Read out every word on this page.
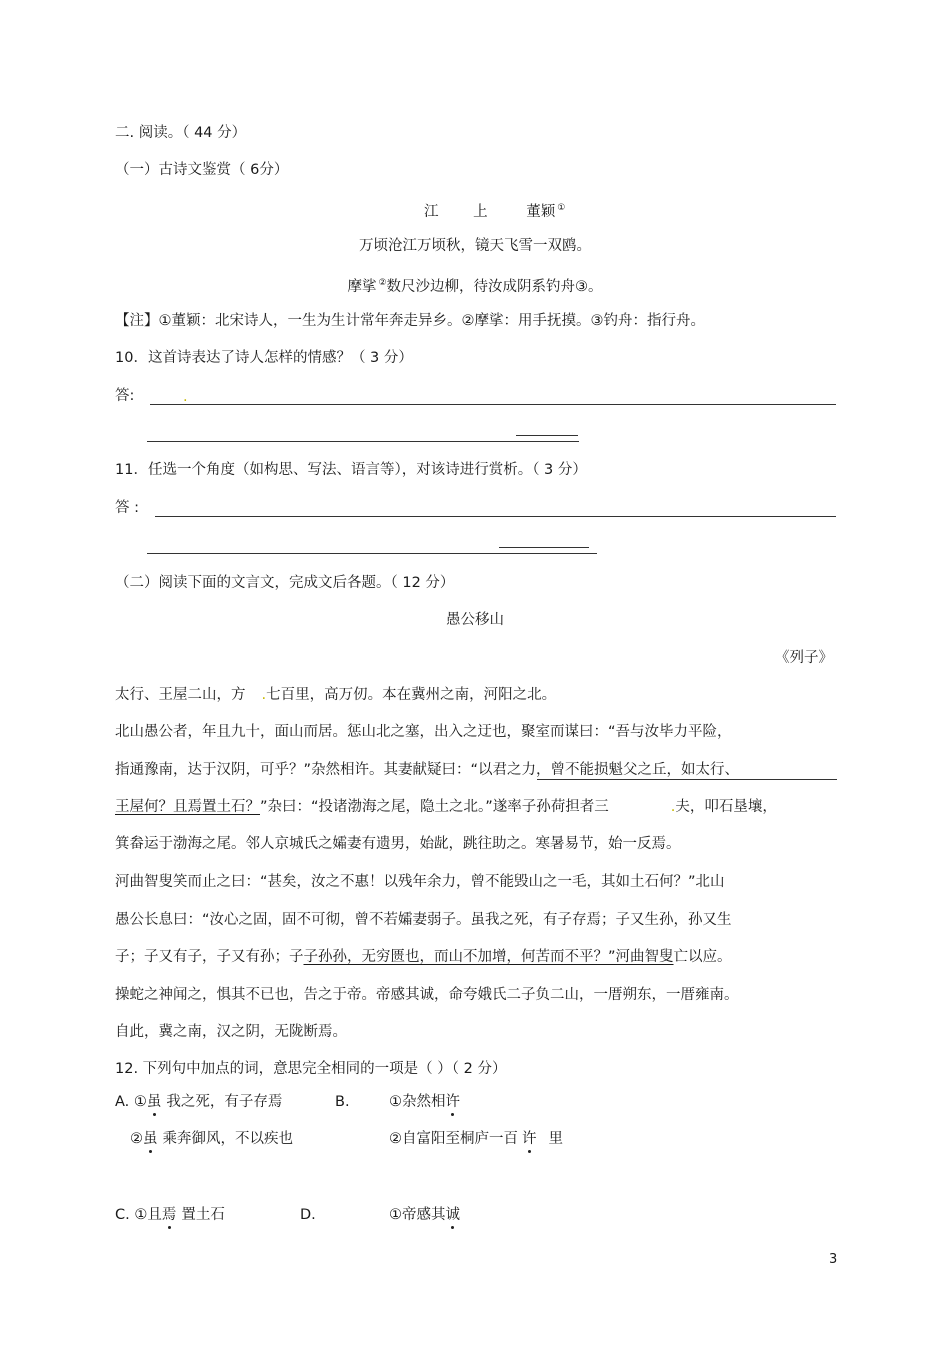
二. 阅读。（ 44 分）
（一）古诗文鉴赏（ 6分）
江 上	董颖 ①
万顷沧江万顷秋，镜天飞雪一双鸥。
摩挲 ②数尺沙边柳，待汝成阴系钓舟③。
【注】①董颖：北宋诗人，一生为生计常年奔走异乡。②摩挲：用手抚摸。③钓舟：指行舟。
10．这首诗表达了诗人怎样的情感？（ 3 分）
答:	.
11．任选一个角度（如构思、写法、语言等），对该诗进行赏析。（ 3 分）
答 :
（二）阅读下面的文言文，完成文后各题。（ 12 分）
愚公移山
《列子》
太行、王屋二山，方 .七百里，高万仞。本在冀州之南，河阳之北。
北山愚公者，年且九十，面山而居。惩山北之塞，出入之迂也，聚室而谋曰：“吾与汝毕力平险，
指通豫南，达于汉阴，可乎？”杂然相许。其妻献疑曰：“以君之力，曾不能损魁父之丘，如太行、
王屋何？且焉置土石？”杂曰：“投诸渤海之尾，隐土之北。”遂率子孙荷担者三	.夫，叩石垦壤，
箕畚运于渤海之尾。邻人京城氏之孀妻有遗男，始龀，跳往助之。寒暑易节，始一反焉。
河曲智叟笑而止之曰：“甚矣，汝之不惠！以残年余力，曾不能毁山之一毛，其如土石何？”北山
愚公长息曰：“汝心之固，固不可彻，曾不若孀妻弱子。虽我之死，有子存焉；子又生孙，孙又生
子；子又有子，子又有孙；子子孙孙，无穷匮也，而山不加增，何苦而不平？”河曲智叟亡以应。
操蛇之神闻之，惧其不已也，告之于帝。帝感其诚，命夸娥氏二子负二山，一厝朔东，一厝雍南。
自此，冀之南，汉之阴，无陇断焉。
12. 下列句中加点的词，意思完全相同的一项是（ ）（ 2 分）
A. ①虽 我之死，有子存焉	B.	①杂然相许
②虽 乘奔御风，不以疾也	②自富阳至桐庐一百 许 里
C. ①且焉 置土石	D.	①帝感其诚
3
